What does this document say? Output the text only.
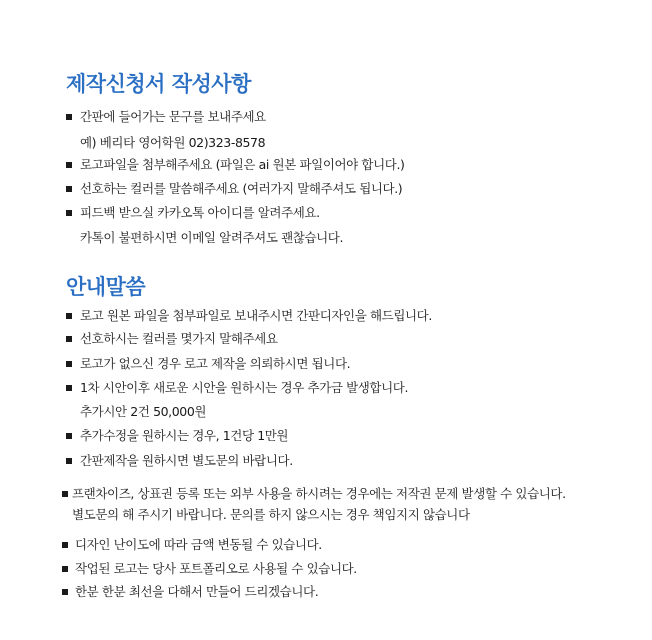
제작신청서 작성사항
간판에 들어가는 문구를 보내주세요
예) 베리타 영어학원 02)323-8578
로고파일을 첨부해주세요 (파일은 ai 원본 파일이어야 합니다.)
선호하는 컬러를 말씀해주세요 (여러가지 말해주셔도 됩니다.)
피드백 받으실 카카오톡 아이디를 알려주세요.
카톡이 불편하시면 이메일 알려주셔도 괜찮습니다.
안내말씀
로고 원본 파일을 첨부파일로 보내주시면 간판디자인을 해드립니다.
선호하시는 컬러를 몇가지 말해주세요
로고가 없으신 경우 로고 제작을 의뢰하시면 됩니다.
1차 시안이후 새로운 시안을 원하시는 경우 추가금 발생합니다.
추가시안 2건 50,000원
추가수정을 원하시는 경우, 1건당 1만원
간판제작을 원하시면 별도문의 바랍니다.
프랜차이즈, 상표권 등록 또는 외부 사용을 하시려는 경우에는 저작권 문제 발생할 수 있습니다.
별도문의 해 주시기 바랍니다. 문의를 하지 않으시는 경우 책임지지 않습니다
디자인 난이도에 따라 금액 변동될 수 있습니다.
작업된 로고는 당사 포트폴리오로 사용될 수 있습니다.
한분 한분 최선을 다해서 만들어 드리겠습니다.
